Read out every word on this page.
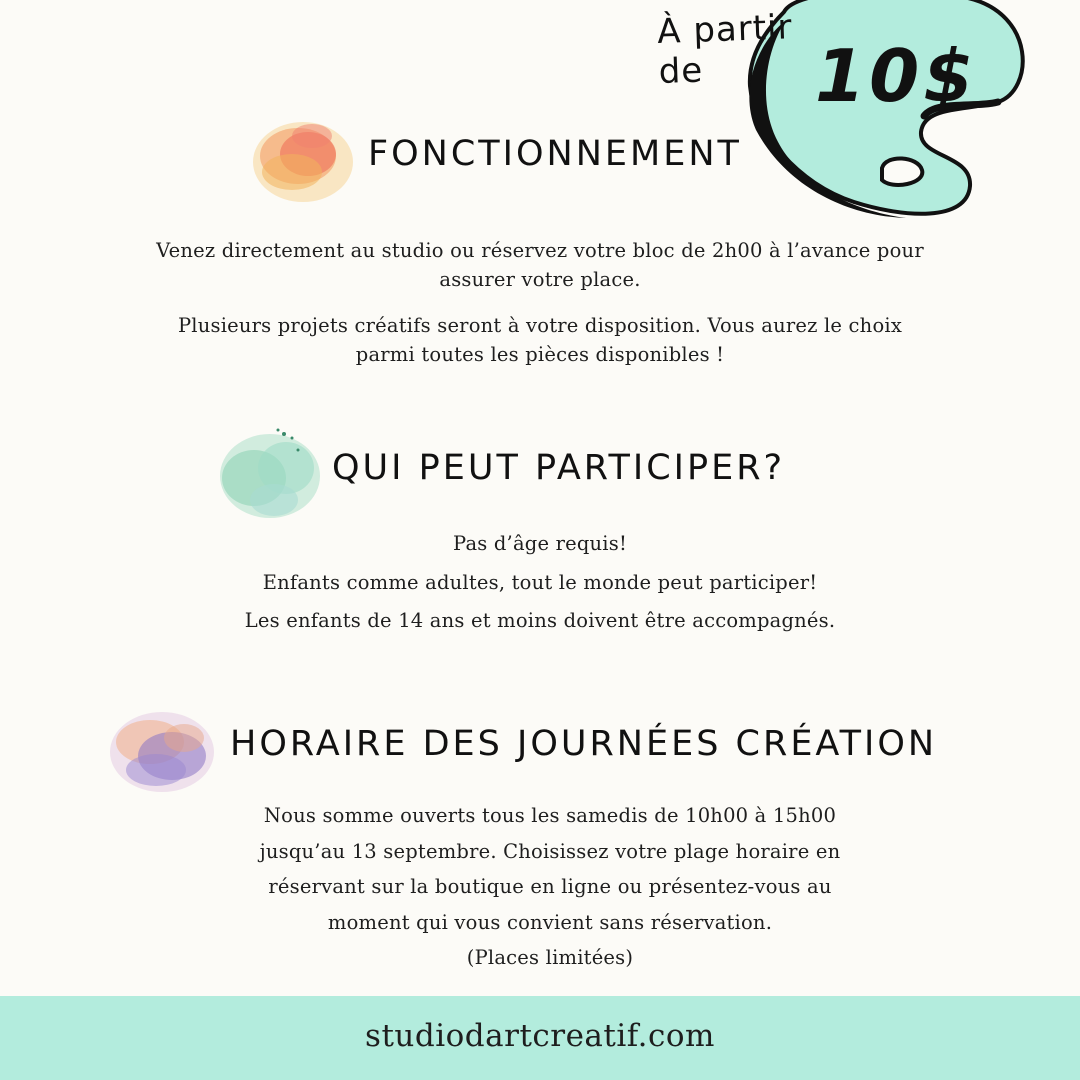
À partir de	10$
FONCTIONNEMENT

Venez directement au studio ou réservez votre bloc de 2h00 à l’avance pour assurer votre place.

Plusieurs projets créatifs seront à votre disposition. Vous aurez le choix parmi toutes les pièces disponibles !

QUI PEUT PARTICIPER?
Pas d’âge requis!
Enfants comme adultes, tout le monde peut participer!
Les enfants de 14 ans et moins doivent être accompagnés.
HORAIRE DES JOURNÉES CRÉATION
Nous somme ouverts tous les samedis de 10h00 à 15h00
jusqu’au 13 septembre. Choisissez votre plage horaire en
réservant sur la boutique en ligne ou présentez-vous au
moment qui vous convient sans réservation.
(Places limitées)
studiodartcreatif.com
